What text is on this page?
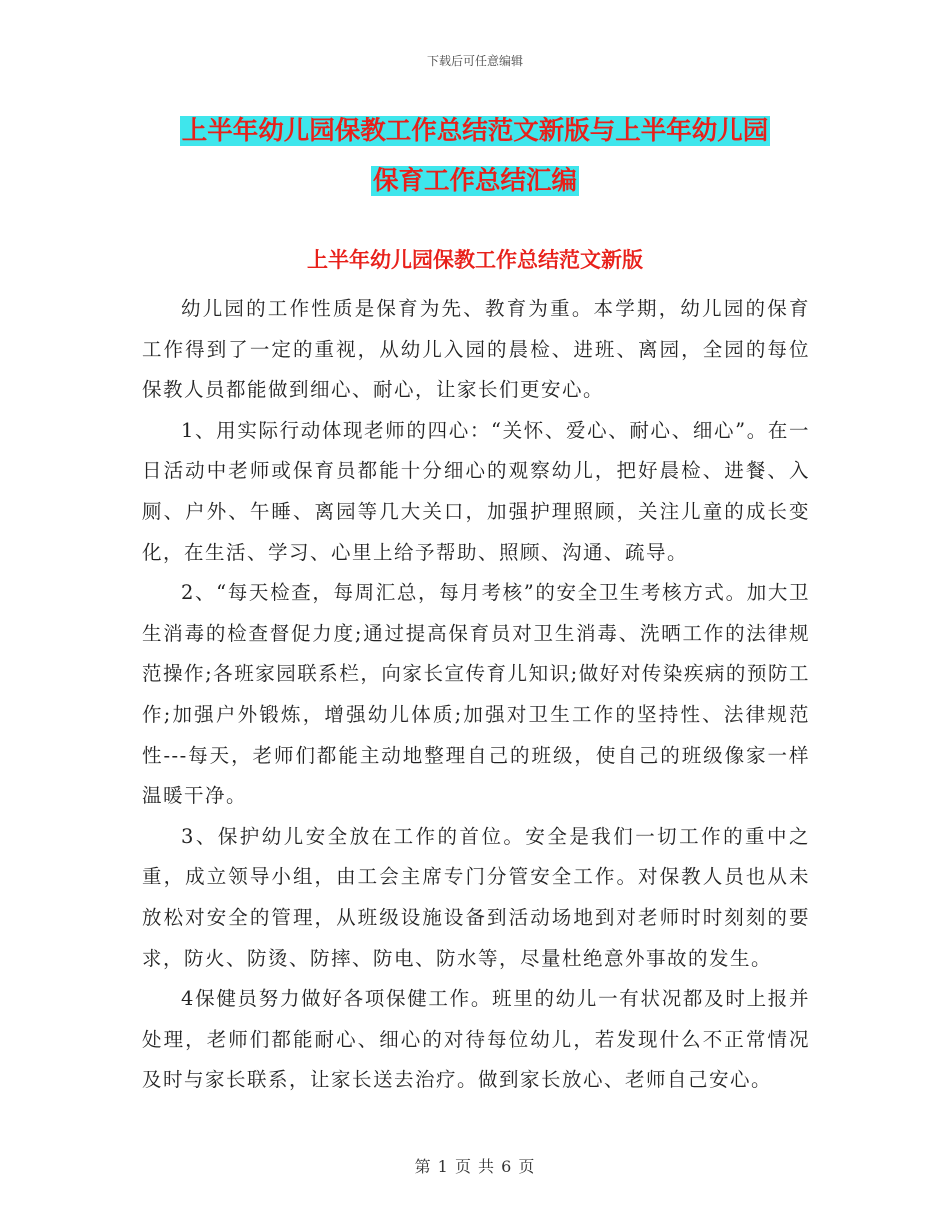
下载后可任意编辑
上半年幼儿园保教工作总结范文新版与上半年幼儿园
保育工作总结汇编
上半年幼儿园保教工作总结范文新版

幼儿园的工作性质是保育为先、教育为重。本学期，幼儿园的保育工作得到了一定的重视，从幼儿入园的晨检、进班、离园，全园的每位保教人员都能做到细心、耐心，让家长们更安心。

1、用实际行动体现老师的四心：“关怀、爱心、耐心、细心”。在一日活动中老师或保育员都能十分细心的观察幼儿，把好晨检、进餐、入厕、户外、午睡、离园等几大关口，加强护理照顾，关注儿童的成长变化，在生活、学习、心里上给予帮助、照顾、沟通、疏导。

2、“每天检查，每周汇总，每月考核”的安全卫生考核方式。加大卫生消毒的检查督促力度;通过提高保育员对卫生消毒、洗晒工作的法律规范操作;各班家园联系栏，向家长宣传育儿知识;做好对传染疾病的预防工作;加强户外锻炼，增强幼儿体质;加强对卫生工作的坚持性、法律规范性---每天，老师们都能主动地整理自己的班级，使自己的班级像家一样温暖干净。

3、保护幼儿安全放在工作的首位。安全是我们一切工作的重中之重，成立领导小组，由工会主席专门分管安全工作。对保教人员也从未放松对安全的管理，从班级设施设备到活动场地到对老师时时刻刻的要求，防火、防烫、防摔、防电、防水等，尽量杜绝意外事故的发生。

4保健员努力做好各项保健工作。班里的幼儿一有状况都及时上报并处理，老师们都能耐心、细心的对待每位幼儿，若发现什么不正常情况及时与家长联系，让家长送去治疗。做到家长放心、老师自己安心。

第 1 页 共 6 页
